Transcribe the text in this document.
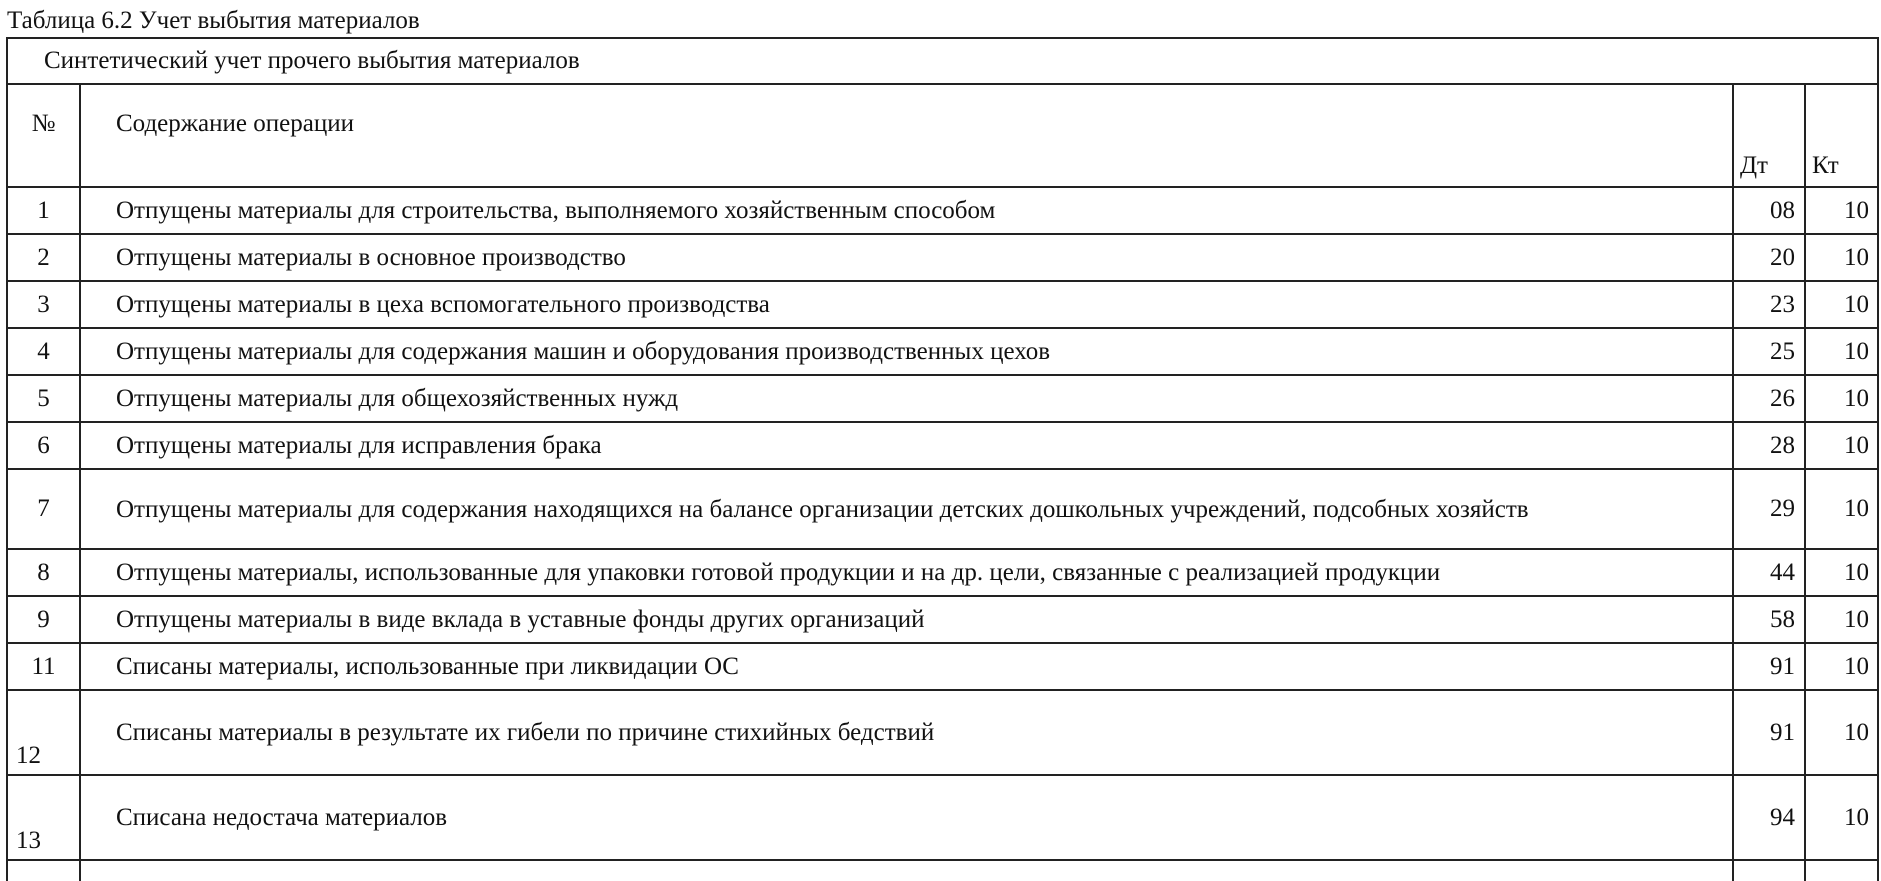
Таблица 6.2 Учет выбытия материалов
Синтетический учет прочего выбытия материалов			
№	Содержание операции	Дт	Кт
1	Отпущены материалы для строительства, выполняемого хозяйственным способом	08	10
2	Отпущены материалы в основное производство	20	10
3	Отпущены материалы в цеха вспомогательного производства	23	10
4	Отпущены материалы для содержания машин и оборудования производственных цехов	25	10
5	Отпущены материалы для общехозяйственных нужд	26	10
6	Отпущены материалы для исправления брака	28	10
7	Отпущены материалы для содержания находящихся на балансе организации детских дошкольных учреждений, подсобных хозяйств	29	10
8	Отпущены материалы, использованные для упаковки готовой продукции и на др. цели, связанные с реализацией продукции	44	10
9	Отпущены материалы в виде вклада в уставные фонды других организаций	58	10
11	Списаны материалы, использованные при ликвидации ОС	91	10
12	Списаны материалы в результате их гибели по причине стихийных бедствий	91	10
13	Списана недостача материалов	94	10
